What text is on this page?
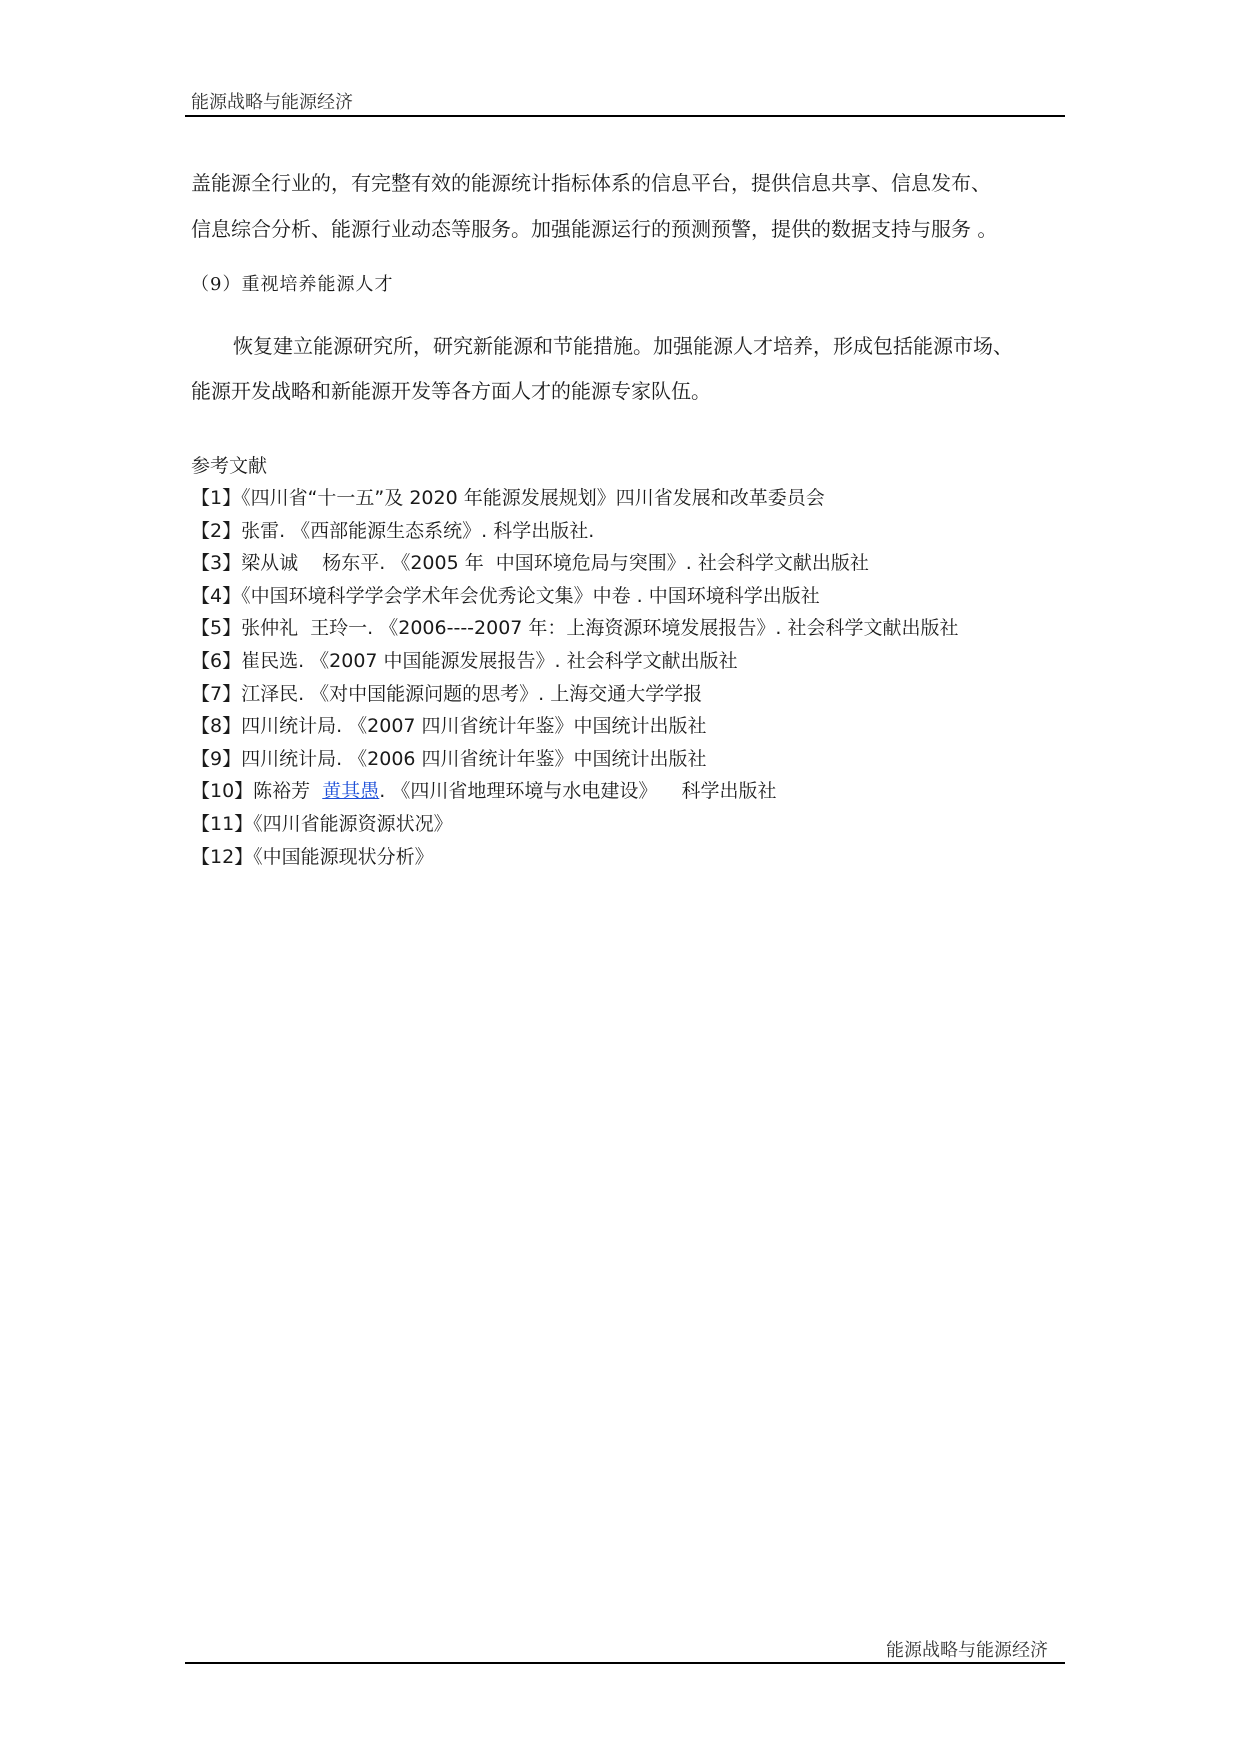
能源战略与能源经济
盖能源全行业的，有完整有效的能源统计指标体系的信息平台，提供信息共享、信息发布、
信息综合分析、能源行业动态等服务。加强能源运行的预测预警，提供的数据支持与服务 。
（9）重视培养能源人才
恢复建立能源研究所，研究新能源和节能措施。加强能源人才培养，形成包括能源市场、
能源开发战略和新能源开发等各方面人才的能源专家队伍。
参考文献
【1】《四川省“十一五”及 2020 年能源发展规划》四川省发展和改革委员会
【2】张雷. 《西部能源生态系统》. 科学出版社.
【3】梁从诚    杨东平. 《2005 年  中国环境危局与突围》. 社会科学文献出版社
【4】《中国环境科学学会学术年会优秀论文集》中卷 . 中国环境科学出版社
【5】张仲礼  王玲一. 《2006----2007 年：上海资源环境发展报告》. 社会科学文献出版社
【6】崔民选. 《2007 中国能源发展报告》. 社会科学文献出版社
【7】江泽民. 《对中国能源问题的思考》. 上海交通大学学报
【8】四川统计局. 《2007 四川省统计年鉴》中国统计出版社
【9】四川统计局. 《2006 四川省统计年鉴》中国统计出版社
【10】陈裕芳  黄其愚. 《四川省地理环境与水电建设》    科学出版社
【11】《四川省能源资源状况》
【12】《中国能源现状分析》
能源战略与能源经济
